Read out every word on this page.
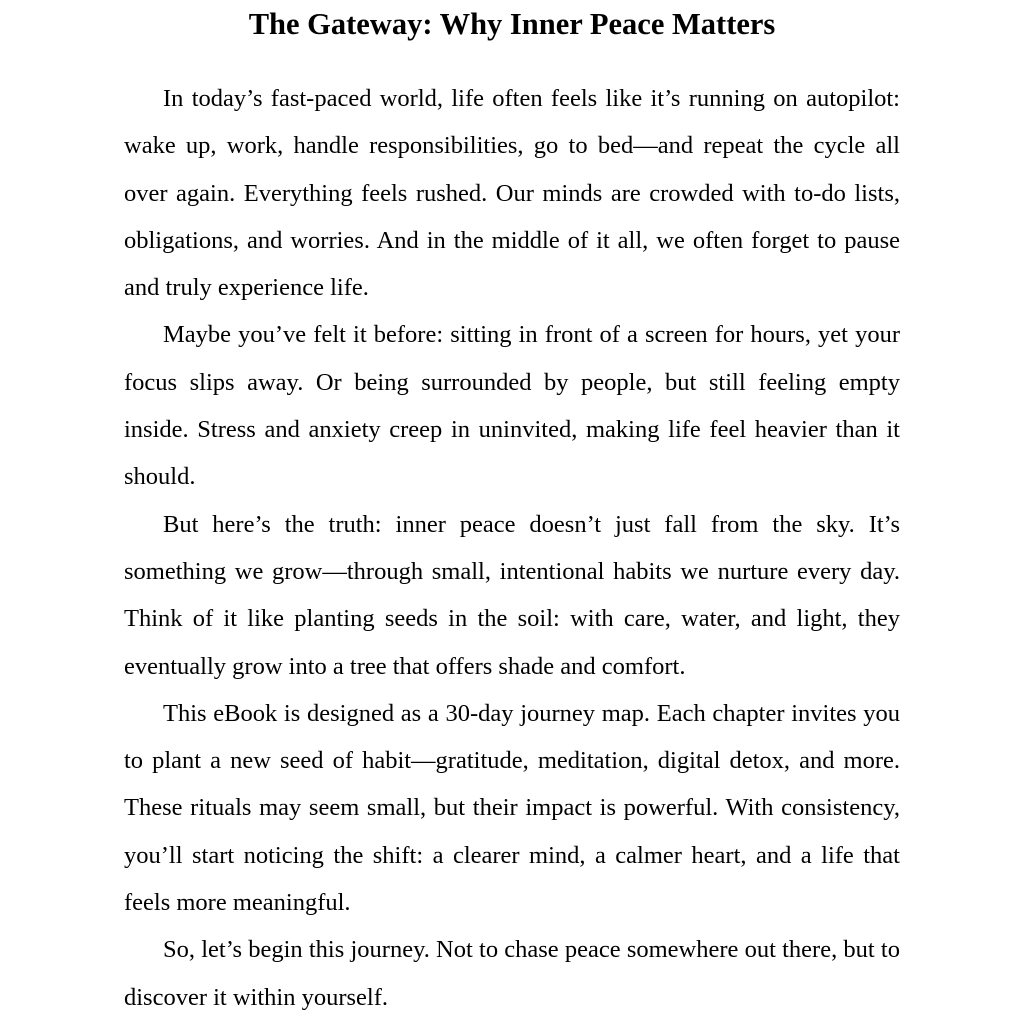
The Gateway: Why Inner Peace Matters

In today’s fast-paced world, life often feels like it’s running on autopilot: wake up, work, handle responsibilities, go to bed—and repeat the cycle all over again. Everything feels rushed. Our minds are crowded with to-do lists, obligations, and worries. And in the middle of it all, we often forget to pause and truly experience life.

Maybe you’ve felt it before: sitting in front of a screen for hours, yet your focus slips away. Or being surrounded by people, but still feeling empty inside. Stress and anxiety creep in uninvited, making life feel heavier than it should.

But here’s the truth: inner peace doesn’t just fall from the sky. It’s something we grow—through small, intentional habits we nurture every day. Think of it like planting seeds in the soil: with care, water, and light, they eventually grow into a tree that offers shade and comfort.

This eBook is designed as a 30-day journey map. Each chapter invites you to plant a new seed of habit—gratitude, meditation, digital detox, and more. These rituals may seem small, but their impact is powerful. With consistency, you’ll start noticing the shift: a clearer mind, a calmer heart, and a life that feels more meaningful.

So, let’s begin this journey. Not to chase peace somewhere out there, but to discover it within yourself.
